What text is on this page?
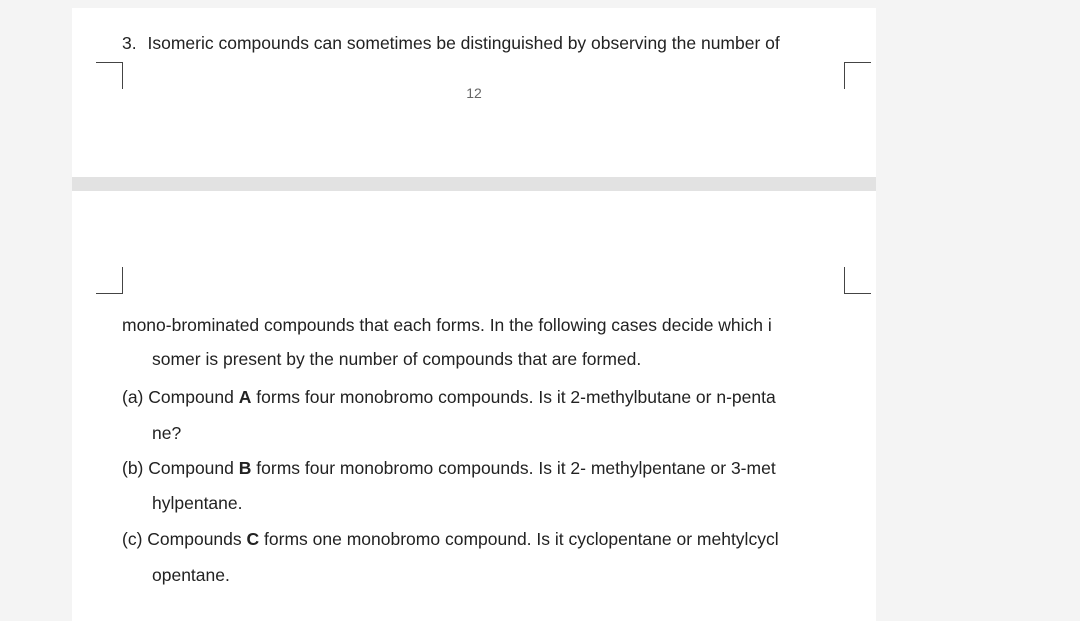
3. Isomeric compounds can sometimes be distinguished by observing the number of
12
mono-brominated compounds that each forms. In the following cases decide which i
somer is present by the number of compounds that are formed.
(a) Compound A forms four monobromo compounds. Is it 2-methylbutane or n-penta
ne?
(b) Compound B forms four monobromo compounds. Is it 2- methylpentane or 3-met
hylpentane.
(c) Compounds C forms one monobromo compound. Is it cyclopentane or mehtylcycl
opentane.
